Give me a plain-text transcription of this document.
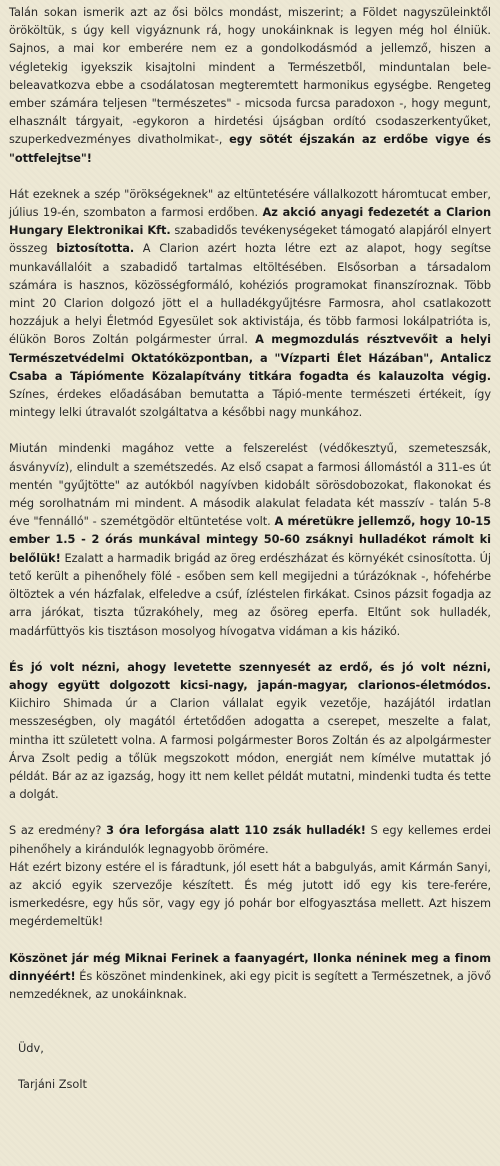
Talán sokan ismerik azt az ősi bölcs mondást, miszerint; a Földet nagyszüleinktől örököltük, s úgy kell vigyáznunk rá, hogy unokáinknak is legyen még hol élniük. Sajnos, a mai kor emberére nem ez a gondolkodásmód a jellemző, hiszen a végletekig igyekszik kisajtolni mindent a Természetből, minduntalan bele-beleavatkozva ebbe a csodálatosan megteremtett harmonikus egységbe. Rengeteg ember számára teljesen "természetes" - micsoda furcsa paradoxon -, hogy megunt, elhasznált tárgyait, -egykoron a hirdetési újságban ordító csodaszerkentyűket, szuperkedvezményes divatholmikat-, egy sötét éjszakán az erdőbe vigye és "ottfelejtse"!

Hát ezeknek a szép "örökségeknek" az eltüntetésére vállalkozott háromtucat ember, július 19-én, szombaton a farmosi erdőben. Az akció anyagi fedezetét a Clarion Hungary Elektronikai Kft. szabadidős tevékenységeket támogató alapjáról elnyert összeg biztosította. A Clarion azért hozta létre ezt az alapot, hogy segítse munkavállalóit a szabadidő tartalmas eltöltésében. Elsősorban a társadalom számára is hasznos, közösségformáló, kohéziós programokat finanszíroznak. Több mint 20 Clarion dolgozó jött el a hulladékgyűjtésre Farmosra, ahol csatlakozott hozzájuk a helyi Életmód Egyesület sok aktivistája, és több farmosi lokálpatrióta is, élükön Boros Zoltán polgármester úrral. A megmozdulás résztvevőit a helyi Természetvédelmi Oktatóközpontban, a "Vízparti Élet Házában", Antalicz Csaba a Tápiómente Közalapítvány titkára fogadta és kalauzolta végig. Színes, érdekes előadásában bemutatta a Tápió-mente természeti értékeit, így mintegy lelki útravalót szolgáltatva a későbbi nagy munkához.

Miután mindenki magához vette a felszerelést (védőkesztyű, szemeteszsák, ásványvíz), elindult a szemétszedés. Az első csapat a farmosi állomástól a 311-es út mentén "gyűjtötte" az autókból nagyívben kidobált sörösdobozokat, flakonokat és még sorolhatnám mi mindent. A második alakulat feladata két masszív - talán 5-8 éve "fennálló" - szemétgödör eltüntetése volt. A méretükre jellemző, hogy 10-15 ember 1.5 - 2 órás munkával mintegy 50-60 zsáknyi hulladékot rámolt ki belőlük! Ezalatt a harmadik brigád az öreg erdészházat és környékét csinosította. Új tető került a pihenőhely fölé - esőben sem kell megijedni a túrázóknak -, hófehérbe öltöztek a vén házfalak, elfeledve a csúf, ízléstelen firkákat. Csinos pázsit fogadja az arra járókat, tiszta tűzrakóhely, meg az ősöreg eperfa. Eltűnt sok hulladék, madárfüttyös kis tisztáson mosolyog hívogatva vidáman a kis házikó.

És jó volt nézni, ahogy levetette szennyesét az erdő, és jó volt nézni, ahogy együtt dolgozott kicsi-nagy, japán-magyar, clarionos-életmódos. Kiichiro Shimada úr a Clarion vállalat egyik vezetője, hazájától irdatlan messzeségben, oly magától értetődően adogatta a cserepet, meszelte a falat, mintha itt született volna. A farmosi polgármester Boros Zoltán és az alpolgármester Árva Zsolt pedig a tőlük megszokott módon, energiát nem kímélve mutattak jó példát. Bár az az igazság, hogy itt nem kellet példát mutatni, mindenki tudta és tette a dolgát.

S az eredmény? 3 óra leforgása alatt 110 zsák hulladék! S egy kellemes erdei pihenőhely a kirándulók legnagyobb örömére.

Hát ezért bizony estére el is fáradtunk, jól esett hát a babgulyás, amit Kármán Sanyi, az akció egyik szervezője készített. És még jutott idő egy kis tere-ferére, ismerkedésre, egy hűs sör, vagy egy jó pohár bor elfogyasztása mellett. Azt hiszem megérdemeltük!

Köszönet jár még Miknai Ferinek a faanyagért, Ilonka néninek meg a finom dinnyéért! És köszönet mindenkinek, aki egy picit is segített a Természetnek, a jövő nemzedéknek, az unokáinknak.

Üdv,

Tarjáni Zsolt
